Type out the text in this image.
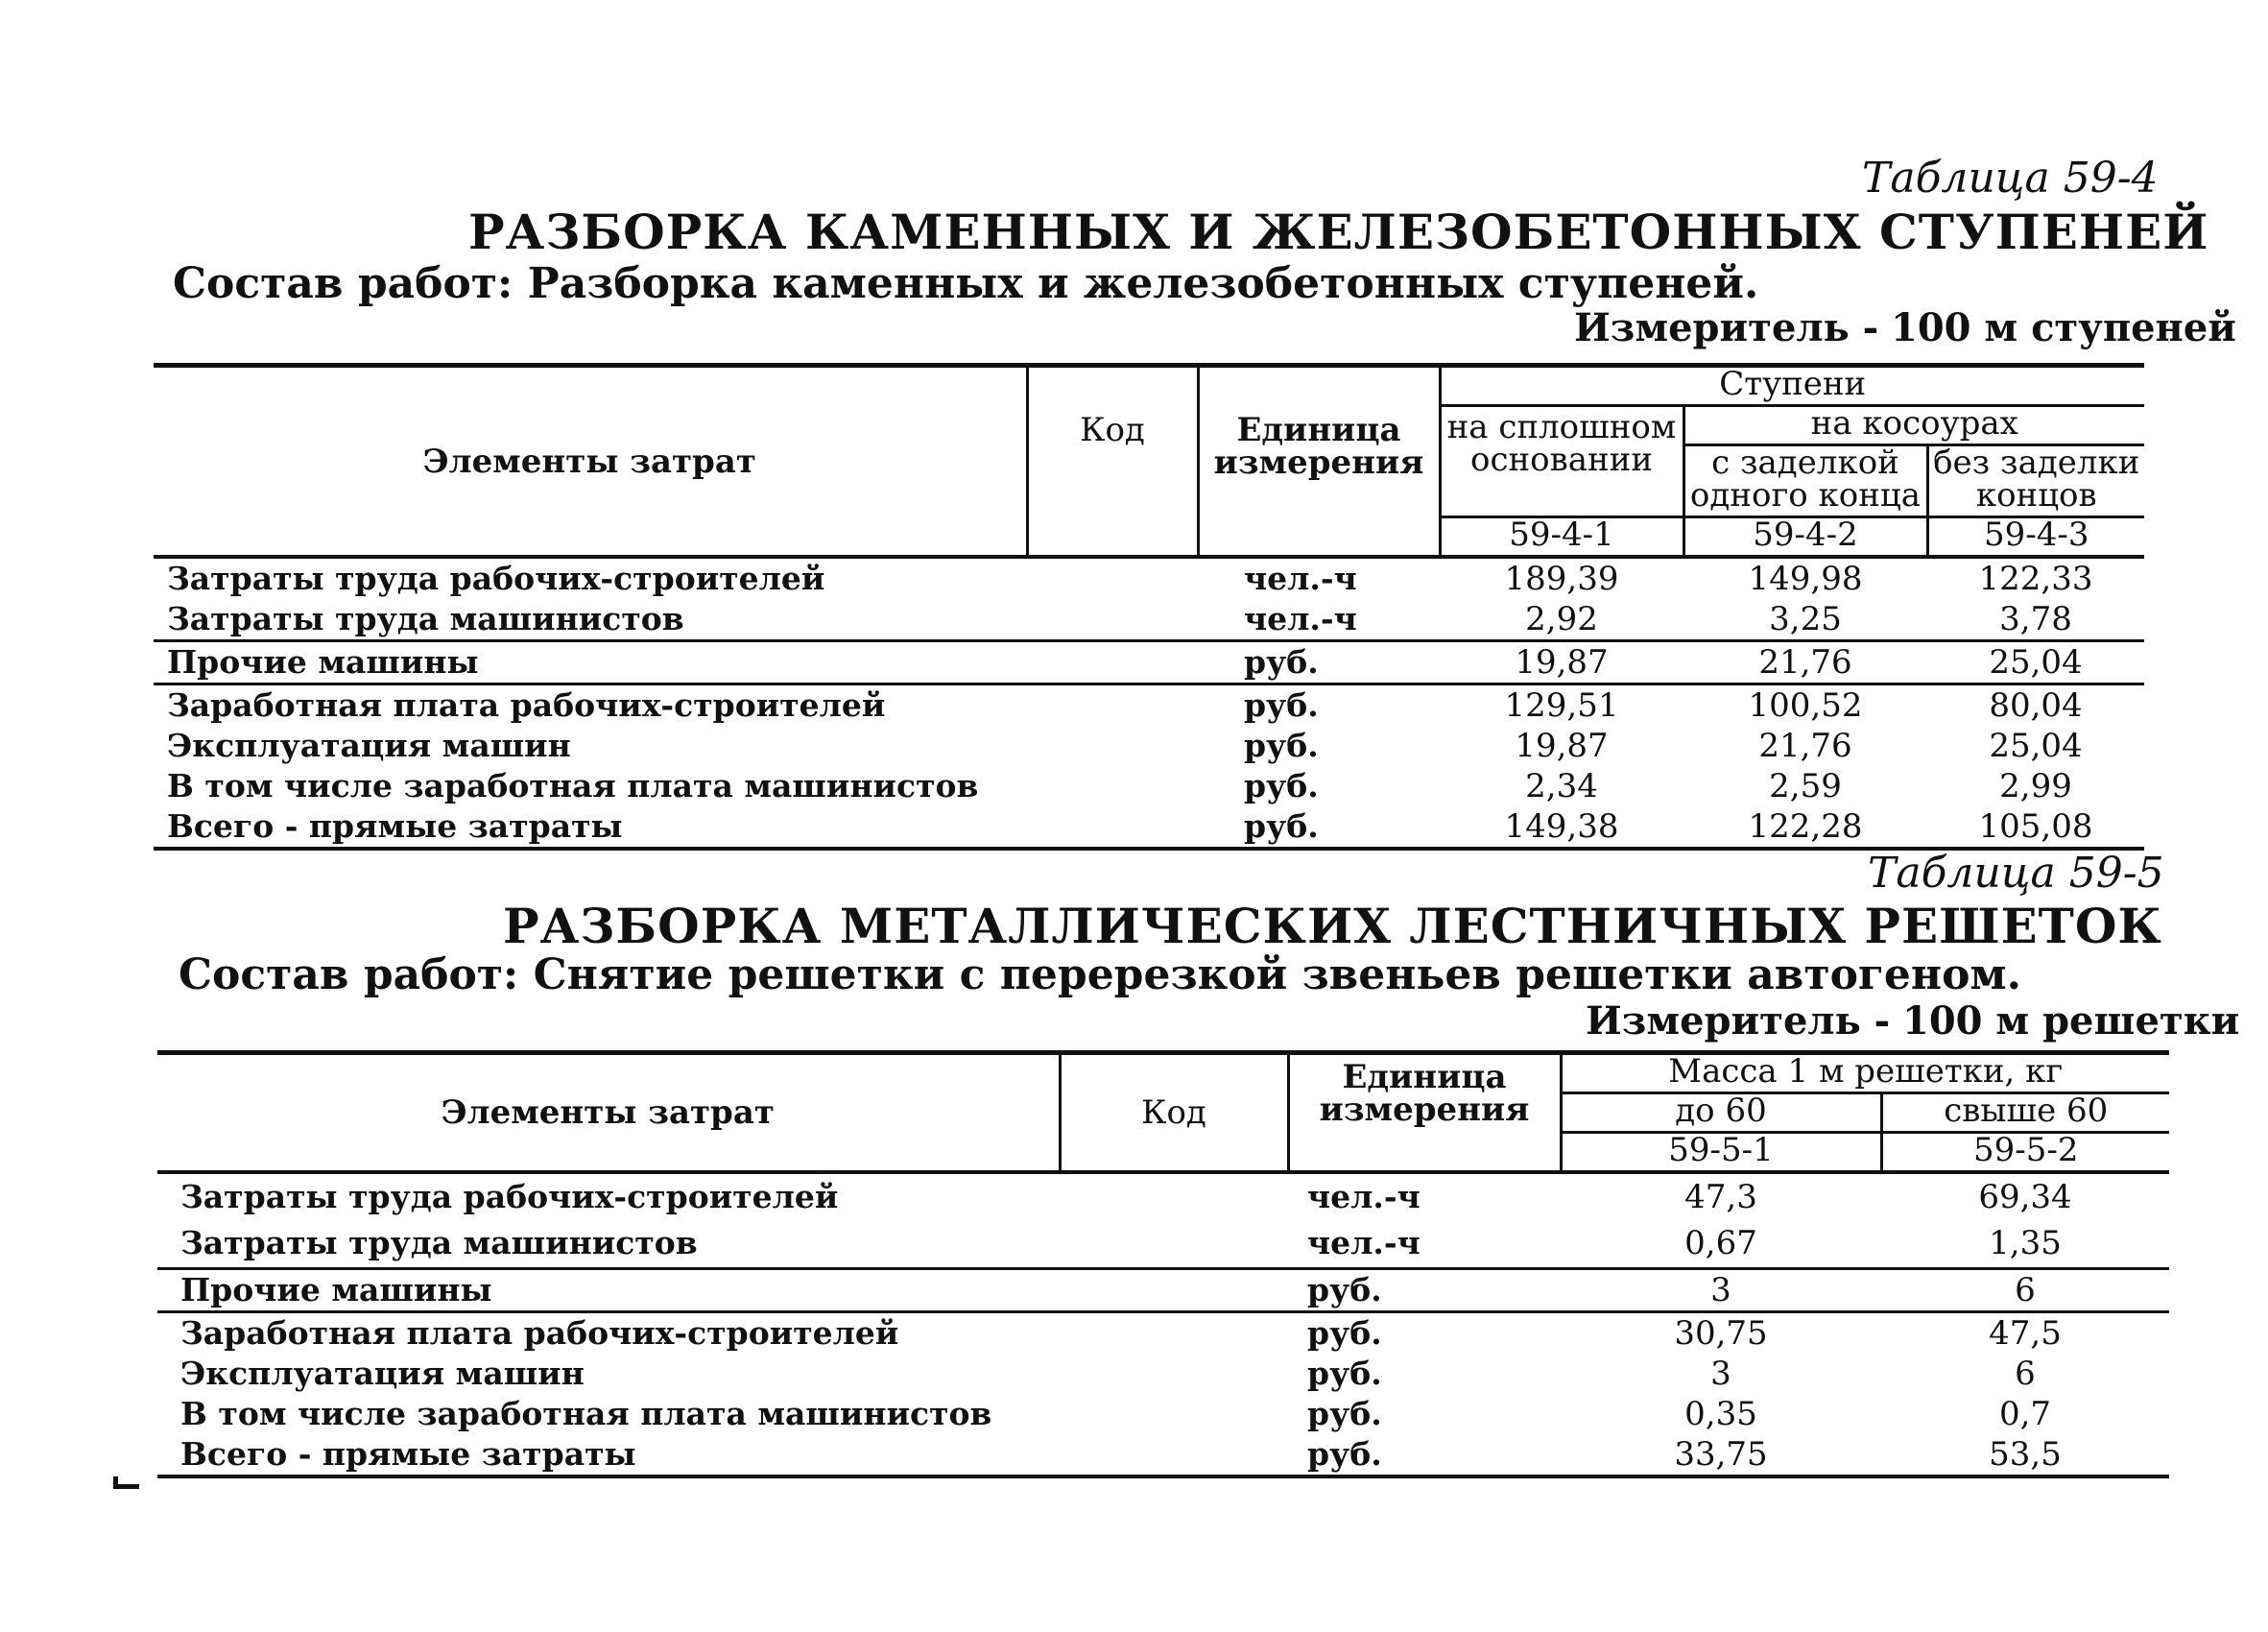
Таблица 59-4
РАЗБОРКА КАМЕННЫХ И ЖЕЛЕЗОБЕТОННЫХ СТУПЕНЕЙ
Состав работ: Разборка каменных и железобетонных ступеней.
Измеритель - 100 м ступеней
Элементы затрат	Код	Единица измерения	Ступени		
			на сплошном основании	на косоурах	
				с заделкой одного конца	без заделки концов
			59-4-1	59-4-2	59-4-3
Затраты труда рабочих-строителей		чел.-ч	189,39	149,98	122,33
Затраты труда машинистов		чел.-ч	2,92	3,25	3,78
Прочие машины		руб.	19,87	21,76	25,04
Заработная плата рабочих-строителей		руб.	129,51	100,52	80,04
Эксплуатация машин		руб.	19,87	21,76	25,04
В том числе заработная плата машинистов		руб.	2,34	2,59	2,99
Всего - прямые затраты		руб.	149,38	122,28	105,08
Таблица 59-5
РАЗБОРКА МЕТАЛЛИЧЕСКИХ ЛЕСТНИЧНЫХ РЕШЕТОК
Состав работ: Снятие решетки с перерезкой звеньев решетки автогеном.
Измеритель - 100 м решетки
Элементы затрат	Код	Единица измерения	Масса 1 м решетки, кг	
			до 60	свыше 60
			59-5-1	59-5-2
Затраты труда рабочих-строителей		чел.-ч	47,3	69,34
Затраты труда машинистов		чел.-ч	0,67	1,35
Прочие машины		руб.	3	6
Заработная плата рабочих-строителей		руб.	30,75	47,5
Эксплуатация машин		руб.	3	6
В том числе заработная плата машинистов		руб.	0,35	0,7
Всего - прямые затраты		руб.	33,75	53,5
